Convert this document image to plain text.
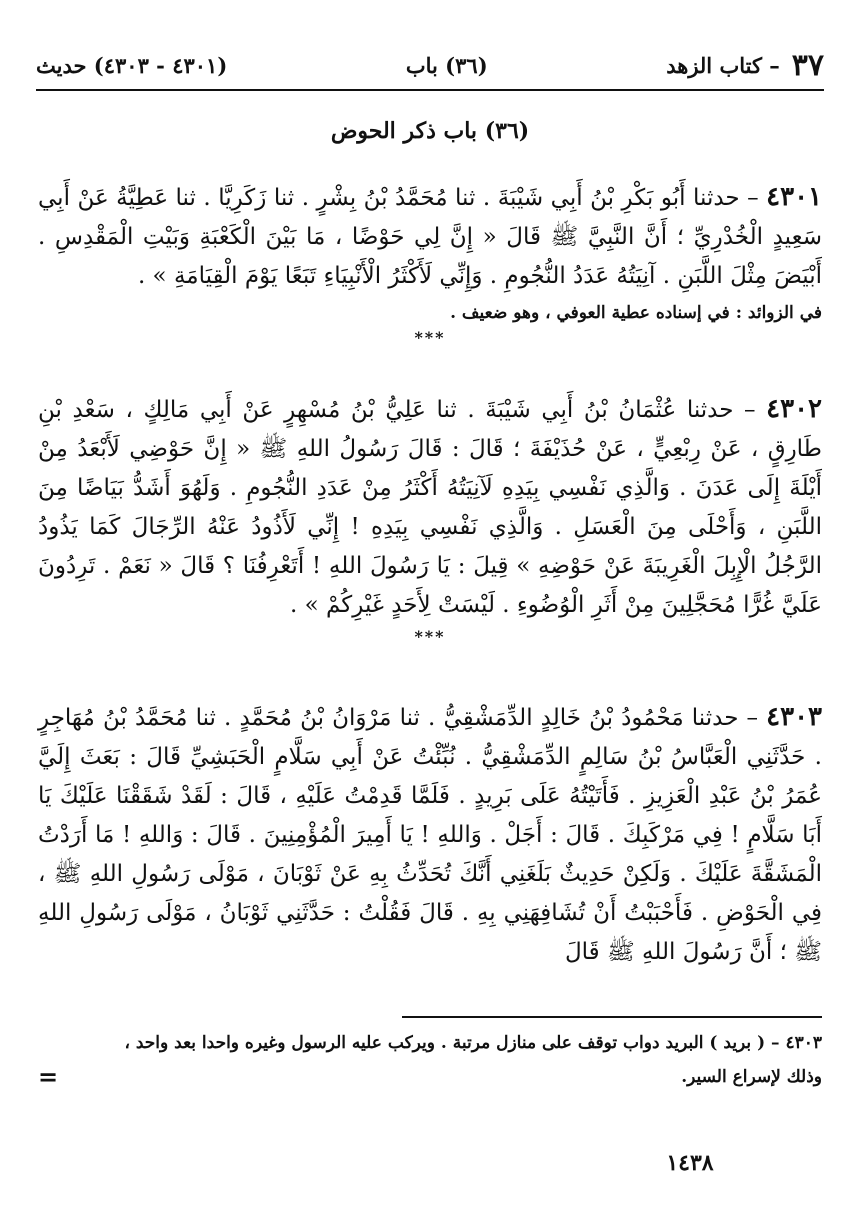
٣٧
– كتاب الزهد
(٣٦) باب
(٤٣٠١ - ٤٣٠٣) حديث
(٣٦) باب ذكر الحوض

٤٣٠١ – حدثنا أَبُو بَكْرِ بْنُ أَبِي شَيْبَةَ . ثنا مُحَمَّدُ بْنُ بِشْرٍ . ثنا زَكَرِيَّا . ثنا عَطِيَّةُ عَنْ أَبِي سَعِيدٍ الْخُدْرِيِّ ؛ أَنَّ النَّبِيَّ ﷺ قَالَ « إِنَّ لِي حَوْضًا ، مَا بَيْنَ الْكَعْبَةِ وَبَيْتِ الْمَقْدِسِ . أَبْيَضَ مِثْلَ اللَّبَنِ . آنِيَتُهُ عَدَدُ النُّجُومِ . وَإِنِّي لَأَكْثَرُ الْأَنْبِيَاءِ تَبَعًا يَوْمَ الْقِيَامَةِ » .

في الزوائد : في إسناده عطية العوفي ، وهو ضعيف .

***

٤٣٠٢ – حدثنا عُثْمَانُ بْنُ أَبِي شَيْبَةَ . ثنا عَلِيُّ بْنُ مُسْهِرٍ عَنْ أَبِي مَالِكٍ ، سَعْدِ بْنِ طَارِقٍ ، عَنْ رِبْعِيٍّ ، عَنْ حُذَيْفَةَ ؛ قَالَ : قَالَ رَسُولُ اللهِ ﷺ « إِنَّ حَوْضِي لَأَبْعَدُ مِنْ أَيْلَةَ إِلَى عَدَنَ . وَالَّذِي نَفْسِي بِيَدِهِ لَآنِيَتُهُ أَكْثَرُ مِنْ عَدَدِ النُّجُومِ . وَلَهُوَ أَشَدُّ بَيَاضًا مِنَ اللَّبَنِ ، وَأَحْلَى مِنَ الْعَسَلِ . وَالَّذِي نَفْسِي بِيَدِهِ ! إِنِّي لَأَذُودُ عَنْهُ الرِّجَالَ كَمَا يَذُودُ الرَّجُلُ الْإِبِلَ الْغَرِيبَةَ عَنْ حَوْضِهِ » قِيلَ : يَا رَسُولَ اللهِ ! أَتَعْرِفُنَا ؟ قَالَ « نَعَمْ . تَرِدُونَ عَلَيَّ غُرًّا مُحَجَّلِينَ مِنْ أَثَرِ الْوُضُوءِ . لَيْسَتْ لِأَحَدٍ غَيْرِكُمْ » .

***

٤٣٠٣ – حدثنا مَحْمُودُ بْنُ خَالِدٍ الدِّمَشْقِيُّ . ثنا مَرْوَانُ بْنُ مُحَمَّدٍ . ثنا مُحَمَّدُ بْنُ مُهَاجِرٍ . حَدَّثَنِي الْعَبَّاسُ بْنُ سَالِمٍ الدِّمَشْقِيُّ . نُبِّئْتُ عَنْ أَبِي سَلَّامٍ الْحَبَشِيِّ قَالَ : بَعَثَ إِلَيَّ عُمَرُ بْنُ عَبْدِ الْعَزِيزِ . فَأَتَيْتُهُ عَلَى بَرِيدٍ . فَلَمَّا قَدِمْتُ عَلَيْهِ ، قَالَ : لَقَدْ شَقَقْنَا عَلَيْكَ يَا أَبَا سَلَّامٍ ! فِي مَرْكَبِكَ . قَالَ : أَجَلْ . وَاللهِ ! يَا أَمِيرَ الْمُؤْمِنِينَ . قَالَ : وَاللهِ ! مَا أَرَدْتُ الْمَشَقَّةَ عَلَيْكَ . وَلَكِنْ حَدِيثٌ بَلَغَنِي أَنَّكَ تُحَدِّثُ بِهِ عَنْ ثَوْبَانَ ، مَوْلَى رَسُولِ اللهِ ﷺ ، فِي الْحَوْضِ . فَأَحْبَبْتُ أَنْ تُشَافِهَنِي بِهِ . قَالَ فَقُلْتُ : حَدَّثَنِي ثَوْبَانُ ، مَوْلَى رَسُولِ اللهِ ﷺ ؛ أَنَّ رَسُولَ اللهِ ﷺ قَالَ

٤٣٠٣ – ( بريد ) البريد دواب توقف على منازل مرتبة . ويركب عليه الرسول وغيره واحدا بعد واحد ،
وذلك لإسراع السير.
=
١٤٣٨
